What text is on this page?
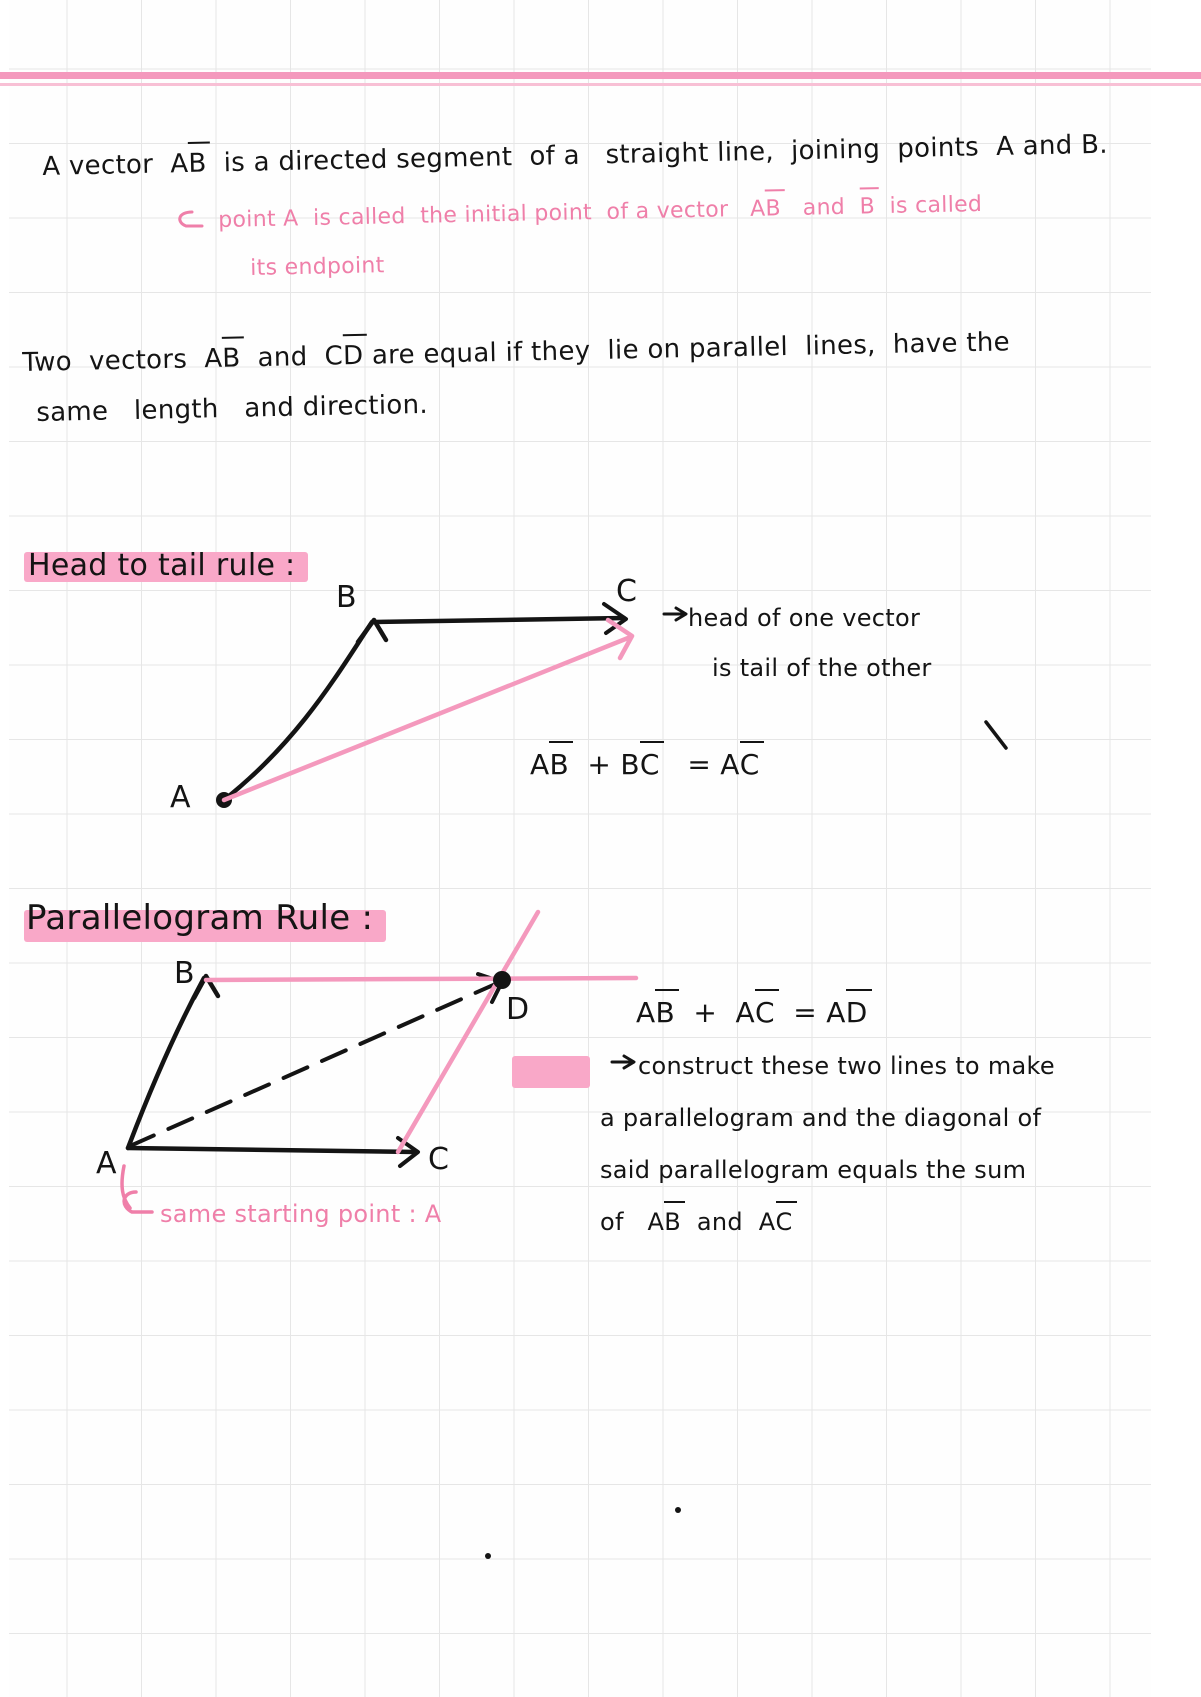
A vector  AB  is a directed segment  of a   straight line,  joining  points  A and B.
point A  is called  the initial point  of a vector   AB   and  B  is called
its endpoint
Two  vectors  AB  and  CD are equal if they  lie on parallel  lines,  have the
same   length   and direction.
Head to tail rule :
B	C
A
head of one vector
is tail of the other
AB  + BC   = AC
Parallelogram Rule :
B
D
C
A
AB  +  AC  = AD
construct these two lines to make
a parallelogram and the diagonal of
said parallelogram equals the sum
of   AB  and  AC
same starting point : A
